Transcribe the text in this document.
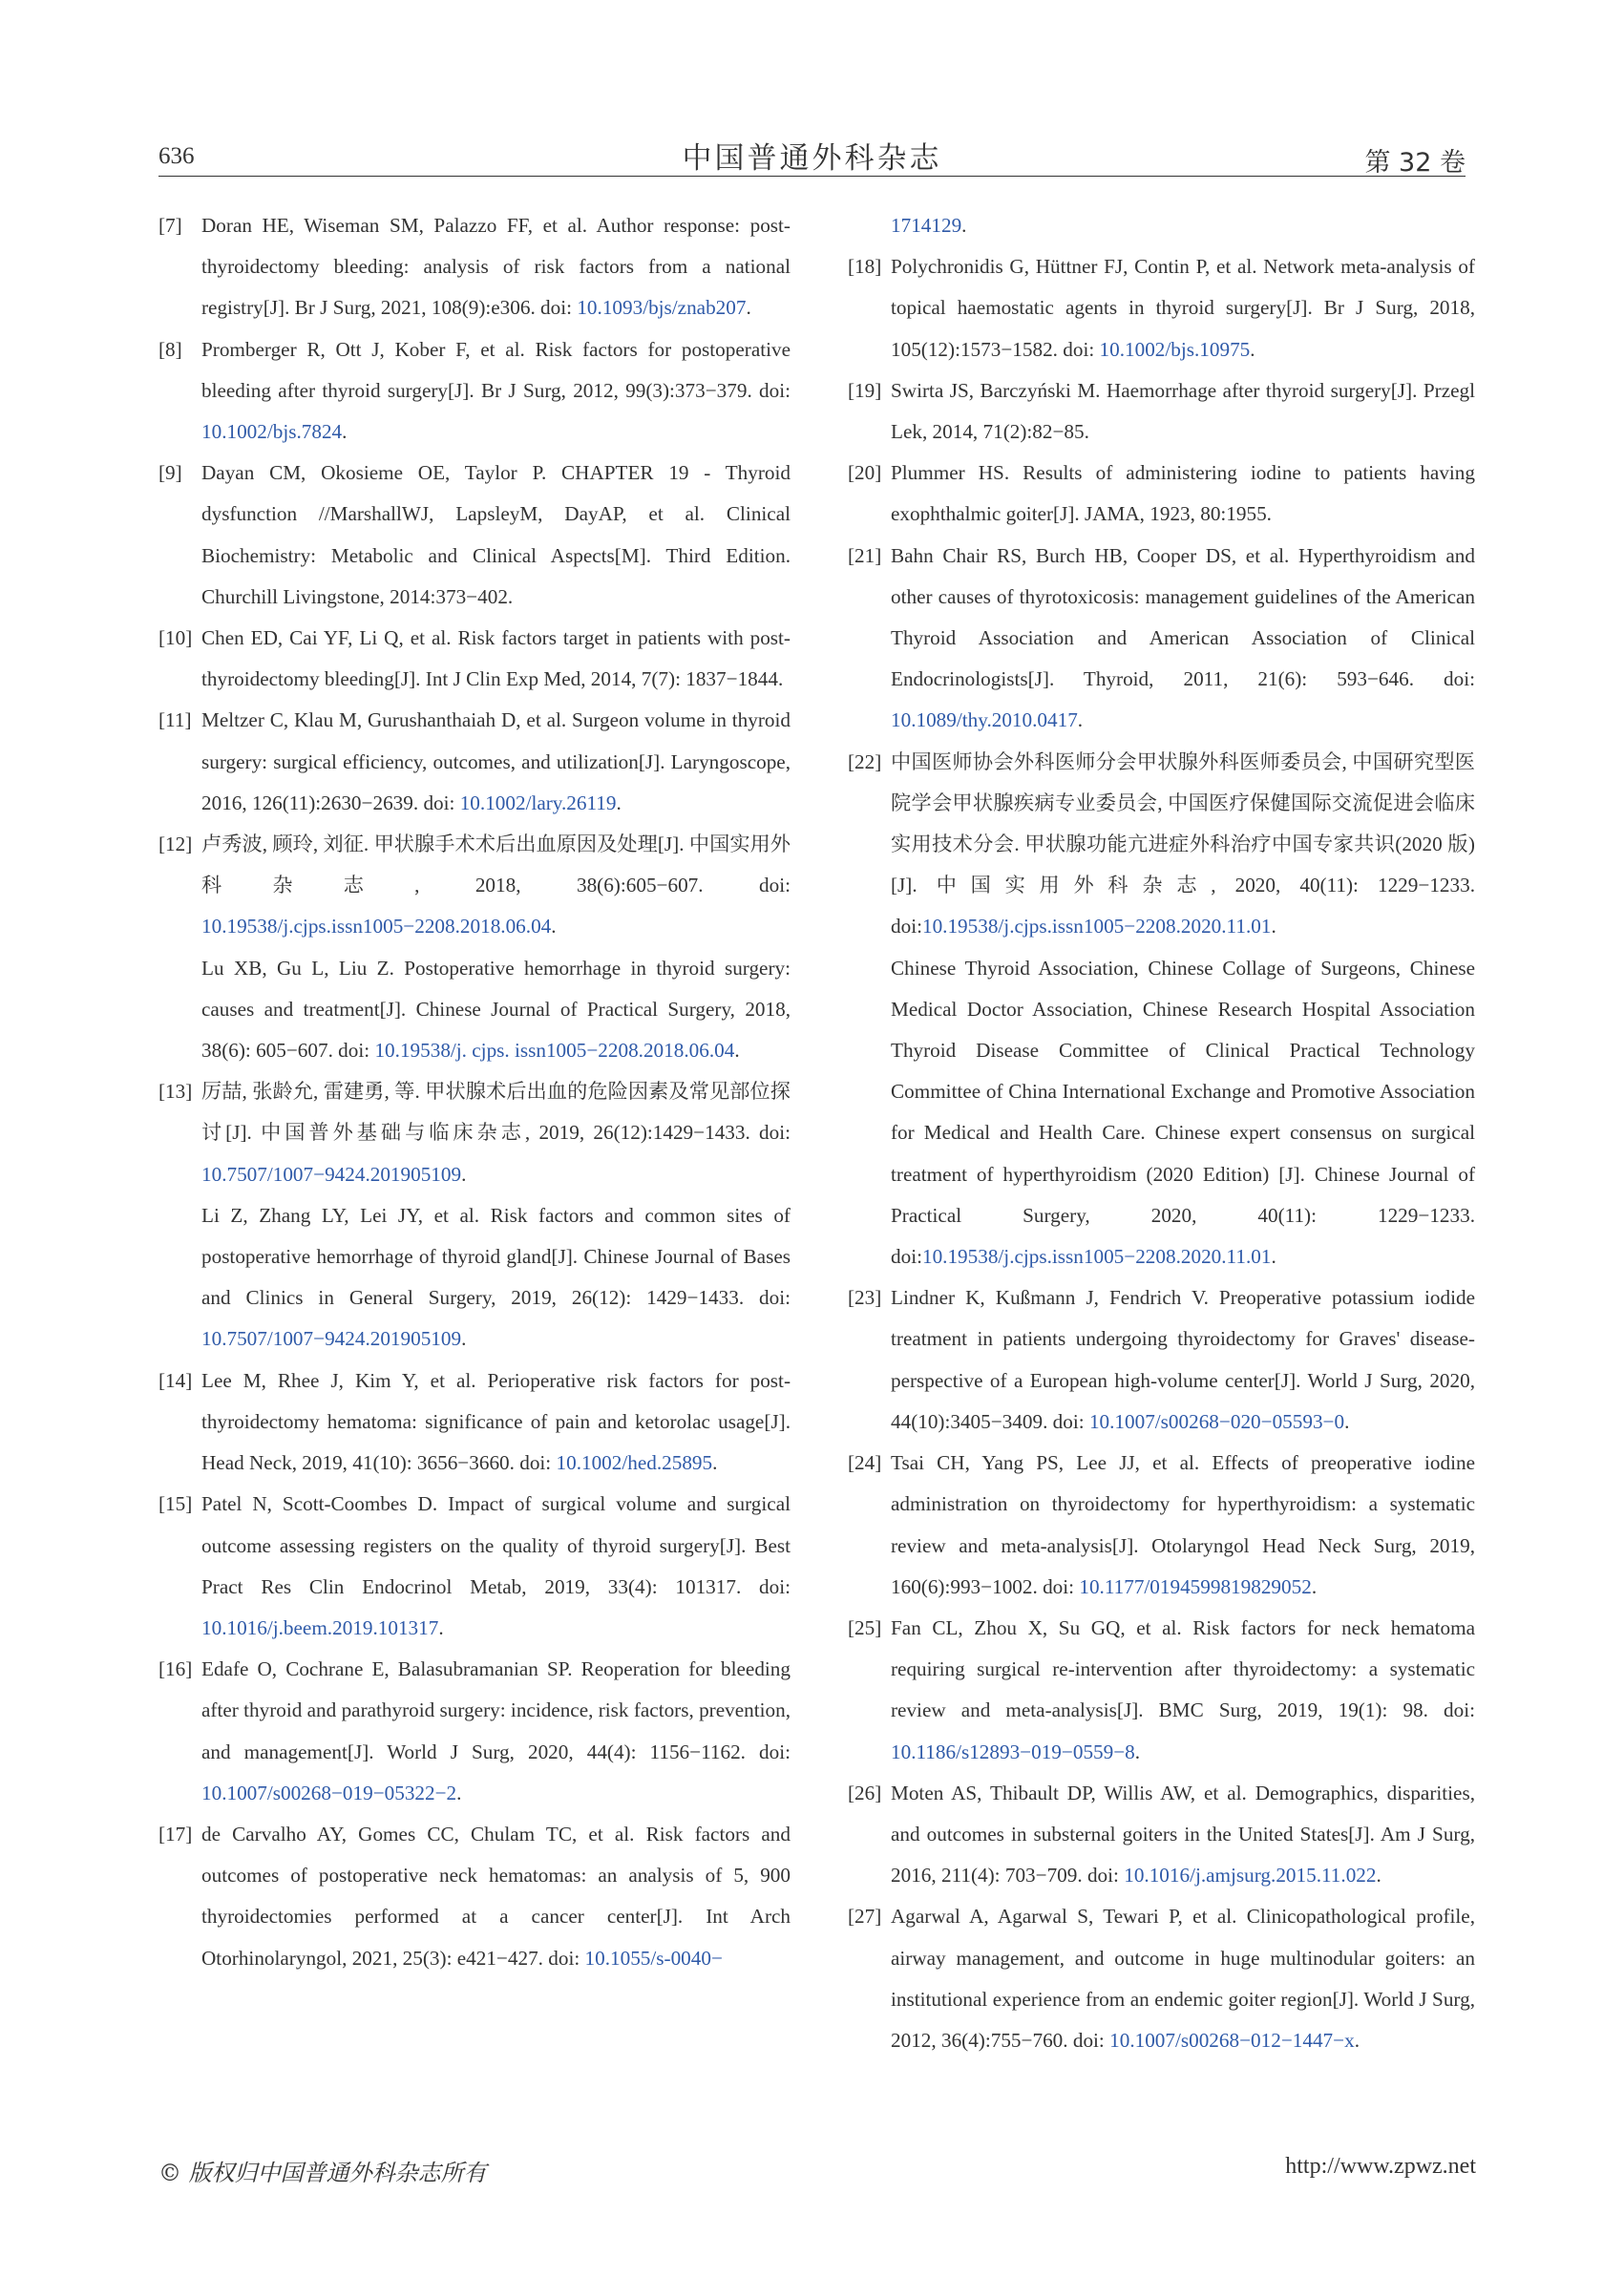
636	中国普通外科杂志	第 32 卷
[7] Doran HE, Wiseman SM, Palazzo FF, et al. Author response: post-thyroidectomy bleeding: analysis of risk factors from a national registry[J]. Br J Surg, 2021, 108(9):e306. doi: 10.1093/bjs/znab207.
[8] Promberger R, Ott J, Kober F, et al. Risk factors for postoperative bleeding after thyroid surgery[J]. Br J Surg, 2012, 99(3):373−379. doi: 10.1002/bjs.7824.
[9] Dayan CM, Okosieme OE, Taylor P. CHAPTER 19 - Thyroid dysfunction //MarshallWJ, LapsleyM, DayAP, et al. Clinical Biochemistry: Metabolic and Clinical Aspects[M]. Third Edition. Churchill Livingstone, 2014:373−402.
[10] Chen ED, Cai YF, Li Q, et al. Risk factors target in patients with post-thyroidectomy bleeding[J]. Int J Clin Exp Med, 2014, 7(7): 1837−1844.
[11] Meltzer C, Klau M, Gurushanthaiah D, et al. Surgeon volume in thyroid surgery: surgical efficiency, outcomes, and utilization[J]. Laryngoscope, 2016, 126(11):2630−2639. doi: 10.1002/lary.26119.
[12] 卢秀波, 顾玲, 刘征. 甲状腺手术术后出血原因及处理[J]. 中国实用外科杂志, 2018, 38(6):605−607. doi: 10.19538/j.cjps.issn1005−2208.2018.06.04.
Lu XB, Gu L, Liu Z. Postoperative hemorrhage in thyroid surgery: causes and treatment[J]. Chinese Journal of Practical Surgery, 2018, 38(6): 605−607. doi: 10.19538/j. cjps. issn1005−2208.2018.06.04.
[13] 厉喆, 张龄允, 雷建勇, 等. 甲状腺术后出血的危险因素及常见部位探讨[J]. 中国普外基础与临床杂志, 2019, 26(12):1429−1433. doi: 10.7507/1007−9424.201905109.
Li Z, Zhang LY, Lei JY, et al. Risk factors and common sites of postoperative hemorrhage of thyroid gland[J]. Chinese Journal of Bases and Clinics in General Surgery, 2019, 26(12): 1429−1433. doi: 10.7507/1007−9424.201905109.
[14] Lee M, Rhee J, Kim Y, et al. Perioperative risk factors for post-thyroidectomy hematoma: significance of pain and ketorolac usage[J]. Head Neck, 2019, 41(10): 3656−3660. doi: 10.1002/hed.25895.
[15] Patel N, Scott-Coombes D. Impact of surgical volume and surgical outcome assessing registers on the quality of thyroid surgery[J]. Best Pract Res Clin Endocrinol Metab, 2019, 33(4): 101317. doi: 10.1016/j.beem.2019.101317.
[16] Edafe O, Cochrane E, Balasubramanian SP. Reoperation for bleeding after thyroid and parathyroid surgery: incidence, risk factors, prevention, and management[J]. World J Surg, 2020, 44(4): 1156−1162. doi: 10.1007/s00268−019−05322−2.
[17] de Carvalho AY, Gomes CC, Chulam TC, et al. Risk factors and outcomes of postoperative neck hematomas: an analysis of 5, 900 thyroidectomies performed at a cancer center[J]. Int Arch Otorhinolaryngol, 2021, 25(3): e421−427. doi: 10.1055/s-0040−
1714129.
[18] Polychronidis G, Hüttner FJ, Contin P, et al. Network meta-analysis of topical haemostatic agents in thyroid surgery[J]. Br J Surg, 2018, 105(12):1573−1582. doi: 10.1002/bjs.10975.
[19] Swirta JS, Barczyński M. Haemorrhage after thyroid surgery[J]. Przegl Lek, 2014, 71(2):82−85.
[20] Plummer HS. Results of administering iodine to patients having exophthalmic goiter[J]. JAMA, 1923, 80:1955.
[21] Bahn Chair RS, Burch HB, Cooper DS, et al. Hyperthyroidism and other causes of thyrotoxicosis: management guidelines of the American Thyroid Association and American Association of Clinical Endocrinologists[J]. Thyroid, 2011, 21(6): 593−646. doi: 10.1089/thy.2010.0417.
[22] 中国医师协会外科医师分会甲状腺外科医师委员会, 中国研究型医院学会甲状腺疾病专业委员会, 中国医疗保健国际交流促进会临床实用技术分会. 甲状腺功能亢进症外科治疗中国专家共识(2020 版)[J]. 中国实用外科杂志, 2020, 40(11): 1229−1233. doi:10.19538/j.cjps.issn1005−2208.2020.11.01.
Chinese Thyroid Association, Chinese Collage of Surgeons, Chinese Medical Doctor Association, Chinese Research Hospital Association Thyroid Disease Committee of Clinical Practical Technology Committee of China International Exchange and Promotive Association for Medical and Health Care. Chinese expert consensus on surgical treatment of hyperthyroidism (2020 Edition) [J]. Chinese Journal of Practical Surgery, 2020, 40(11): 1229−1233. doi:10.19538/j.cjps.issn1005−2208.2020.11.01.
[23] Lindner K, Kußmann J, Fendrich V. Preoperative potassium iodide treatment in patients undergoing thyroidectomy for Graves' disease-perspective of a European high-volume center[J]. World J Surg, 2020, 44(10):3405−3409. doi: 10.1007/s00268−020−05593−0.
[24] Tsai CH, Yang PS, Lee JJ, et al. Effects of preoperative iodine administration on thyroidectomy for hyperthyroidism: a systematic review and meta-analysis[J]. Otolaryngol Head Neck Surg, 2019, 160(6):993−1002. doi: 10.1177/0194599819829052.
[25] Fan CL, Zhou X, Su GQ, et al. Risk factors for neck hematoma requiring surgical re-intervention after thyroidectomy: a systematic review and meta-analysis[J]. BMC Surg, 2019, 19(1): 98. doi: 10.1186/s12893−019−0559−8.
[26] Moten AS, Thibault DP, Willis AW, et al. Demographics, disparities, and outcomes in substernal goiters in the United States[J]. Am J Surg, 2016, 211(4): 703−709. doi: 10.1016/j.amjsurg.2015.11.022.
[27] Agarwal A, Agarwal S, Tewari P, et al. Clinicopathological profile, airway management, and outcome in huge multinodular goiters: an institutional experience from an endemic goiter region[J]. World J Surg, 2012, 36(4):755−760. doi: 10.1007/s00268−012−1447−x.
© 版权归中国普通外科杂志所有	http://www.zpwz.net
